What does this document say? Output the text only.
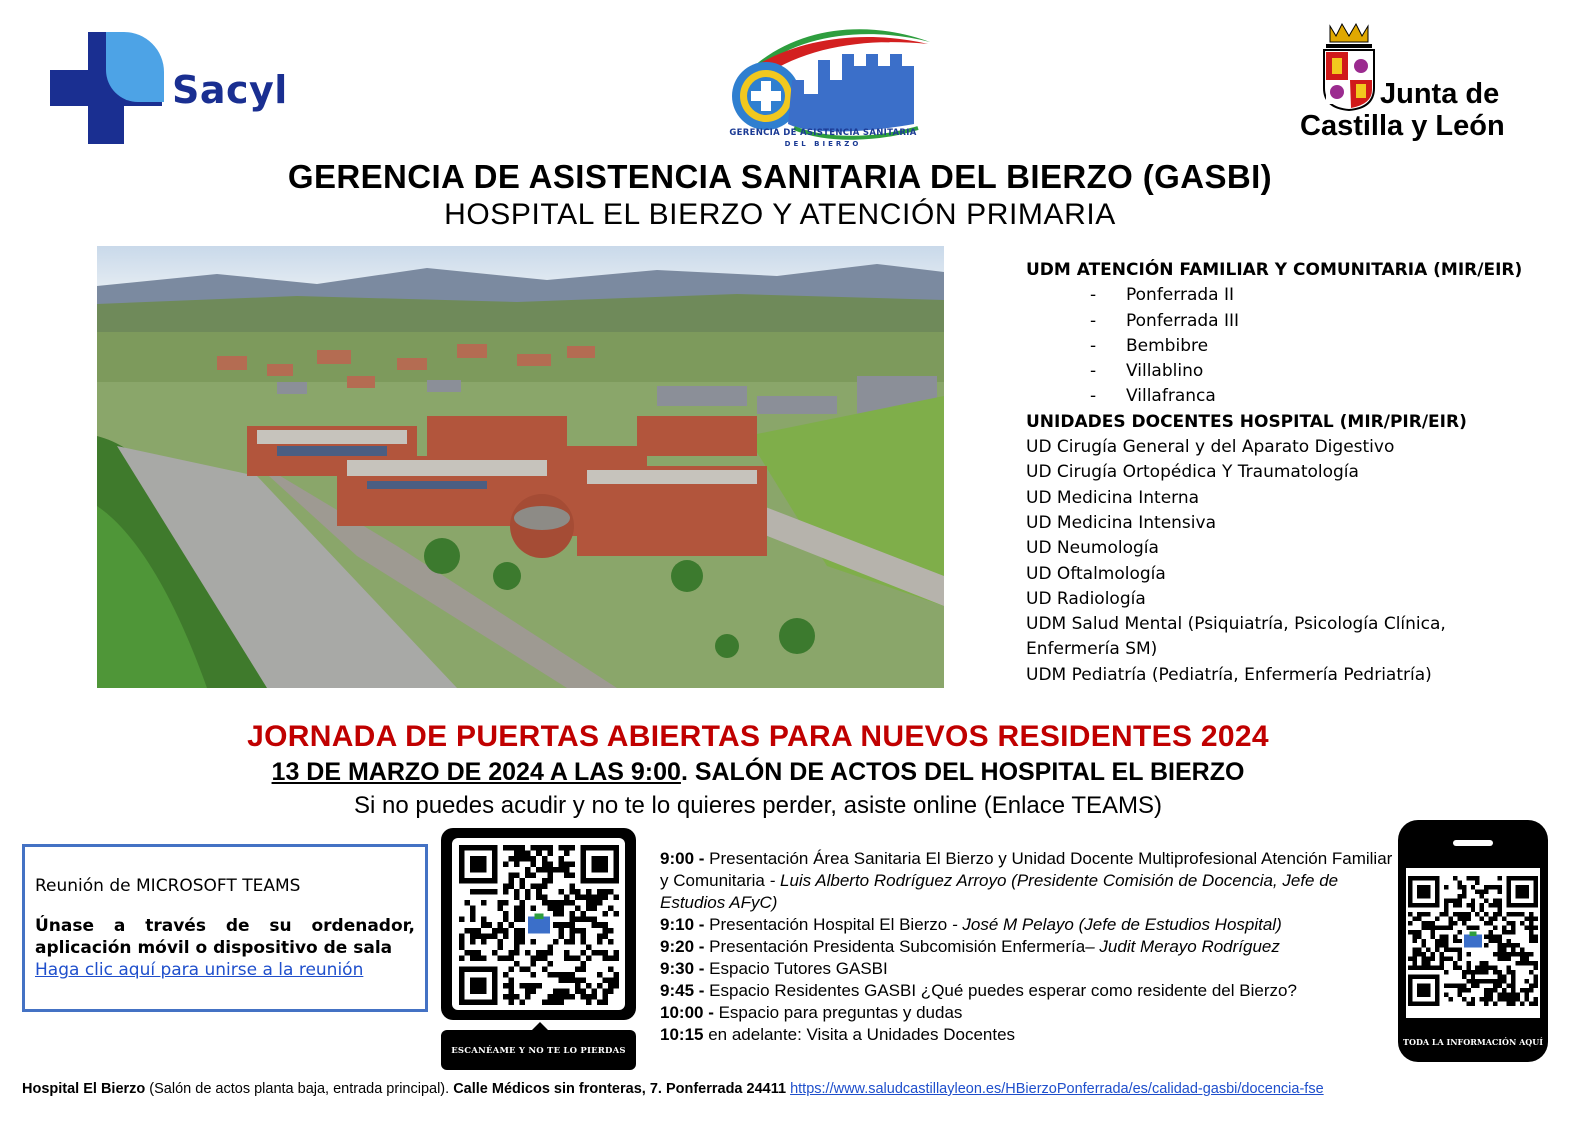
Sacyl
GERENCIA DE ASISTENCIA SANITARIA
DEL BIERZO
Junta de
Castilla y León
GERENCIA DE ASISTENCIA SANITARIA DEL BIERZO (GASBI)
HOSPITAL EL BIERZO Y ATENCIÓN PRIMARIA
UDM ATENCIÓN FAMILIAR Y COMUNITARIA (MIR/EIR)
- Ponferrada II
- Ponferrada III
- Bembibre
- Villablino
- Villafranca
UNIDADES DOCENTES HOSPITAL (MIR/PIR/EIR)
UD Cirugía General y del Aparato Digestivo
UD Cirugía Ortopédica Y Traumatología
UD Medicina Interna
UD Medicina Intensiva
UD Neumología
UD Oftalmología
UD Radiología
UDM Salud Mental (Psiquiatría, Psicología Clínica,
Enfermería SM)
UDM Pediatría (Pediatría, Enfermería Pedriatría)
JORNADA DE PUERTAS ABIERTAS PARA NUEVOS RESIDENTES 2024
13 DE MARZO DE 2024 A LAS 9:00. SALÓN DE ACTOS DEL HOSPITAL EL BIERZO
Si no puedes acudir y no te lo quieres perder, asiste online (Enlace TEAMS)
Reunión de MICROSOFT TEAMS
Únase a través de su ordenador,
aplicación móvil o dispositivo de sala
Haga clic aquí para unirse a la reunión
ESCANÉAME Y NO TE LO PIERDAS

9:00 - Presentación Área Sanitaria El Bierzo y Unidad Docente Multiprofesional Atención Familiar y Comunitaria - Luis Alberto Rodríguez Arroyo (Presidente Comisión de Docencia, Jefe de Estudios AFyC)

9:10 - Presentación Hospital El Bierzo - José M Pelayo (Jefe de Estudios Hospital)

9:20 - Presentación Presidenta Subcomisión Enfermería– Judit Merayo Rodríguez

9:30 - Espacio Tutores GASBI

9:45 - Espacio Residentes GASBI ¿Qué puedes esperar como residente del Bierzo?

10:00 - Espacio para preguntas y dudas

10:15 en adelante: Visita a Unidades Docentes	TODA LA INFORMACIÓN AQUÍ
Hospital El Bierzo (Salón de actos planta baja, entrada principal). Calle Médicos sin fronteras, 7. Ponferrada 24411 https://www.saludcastillayleon.es/HBierzoPonferrada/es/calidad-gasbi/docencia-fse
